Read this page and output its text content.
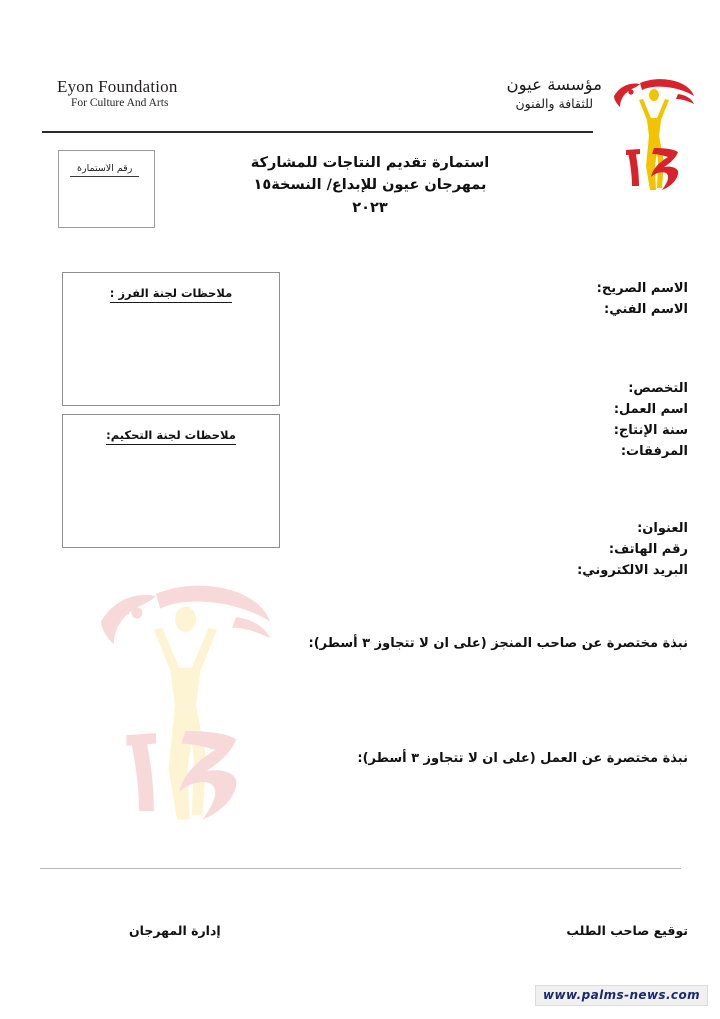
Eyon Foundation
For Culture And Arts
مؤسسة عيون
للثقافة والفنون
رقم الاستمارة	استمارة تقديم النتاجات للمشاركة
بمهرجان عيون للإبداع/ النسخة١٥
٢٠٢٣
ملاحظات لجنة الفرز :
ملاحظات لجنة التحكيم:
الاسم الصريح:
الاسم الفني:
التخصص:
اسم العمل:
سنة الإنتاج:
المرفقات:
العنوان:
رقم الهاتف:
البريد الالكتروني:
نبذة مختصرة عن صاحب المنجز (على ان لا تتجاوز ٣ أسطر):
نبذة مختصرة عن العمل (على ان لا تتجاوز ٣ أسطر):
توقيع صاحب الطلب
إدارة المهرجان
www.palms-news.com
